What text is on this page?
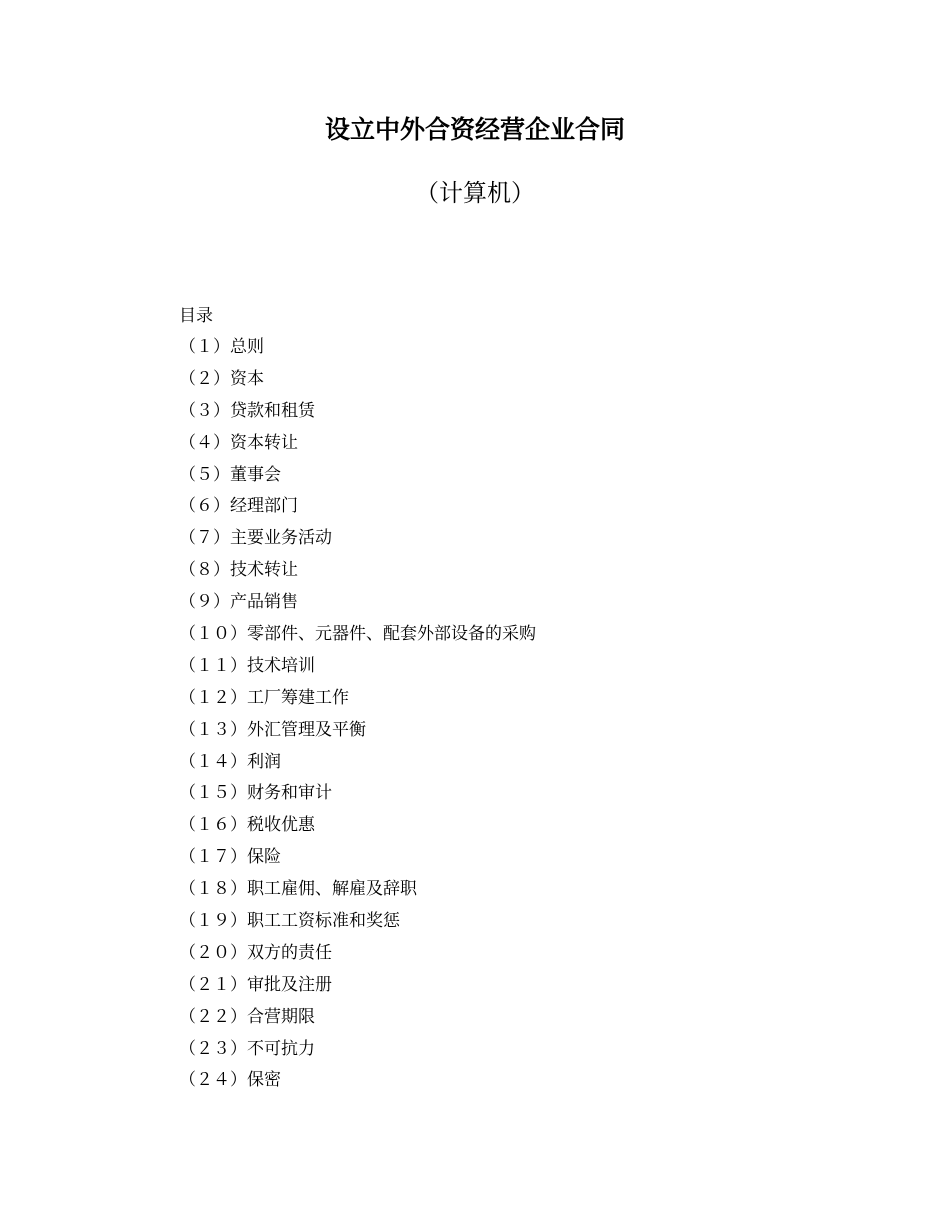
设立中外合资经营企业合同
（计算机）
目录
（１）总则
（２）资本
（３）贷款和租赁
（４）资本转让
（５）董事会
（６）经理部门
（７）主要业务活动
（８）技术转让
（９）产品销售
（１０）零部件、元器件、配套外部设备的采购
（１１）技术培训
（１２）工厂筹建工作
（１３）外汇管理及平衡
（１４）利润
（１５）财务和审计
（１６）税收优惠
（１７）保险
（１８）职工雇佣、解雇及辞职
（１９）职工工资标准和奖惩
（２０）双方的责任
（２１）审批及注册
（２２）合营期限
（２３）不可抗力
（２４）保密
